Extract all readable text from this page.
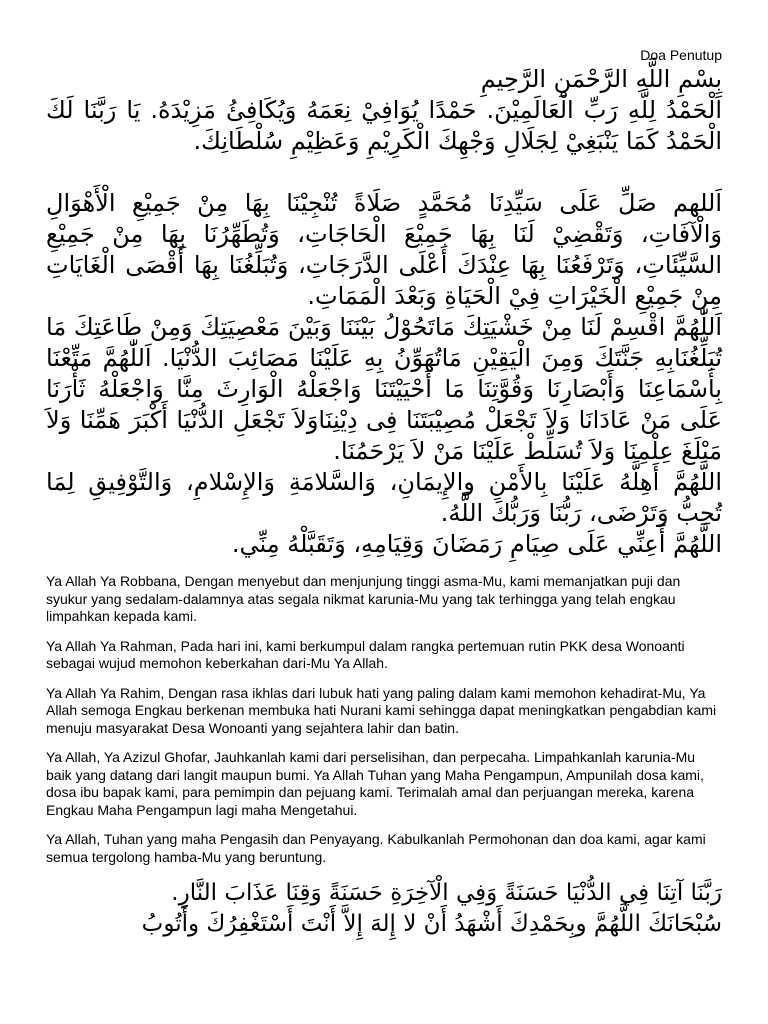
Doa Penutup

بِسْمِ اللَّهِ الرَّحْمَنِ الرَّحِيمِ

اَلْحَمْدُ لِلَّهِ رَبِّ الْعَالَمِيْنَ. حَمْدًا يُوَافِيْ نِعَمَهُ وَيُكَافِئُ مَزِيْدَهُ. يَا رَبَّنَا لَكَ الْحَمْدُ كَمَا يَنْبَغِيْ لِجَلَالِ وَجْهِكَ الْكَرِيْمِ وَعَظِيْمِ سُلْطَانِكَ.

اَللهم صَلِّ عَلَى سَيِّدِنَا مُحَمَّدٍ صَلَاةً تُنْجِيْنَا بِهَا مِنْ جَمِيْعِ الْأَهْوَالِ وَالْآفَاتِ، وَتَقْضِيْ لَنَا بِهَا جَمِيْعَ الْحَاجَاتِ، وَتُطَهِّرُنَا بِهَا مِنْ جَمِيْعِ السَّيِّئَاتِ، وَتَرْفَعُنَا بِهَا عِنْدَكَ أَعْلَى الدَّرَجَاتِ، وَتُبَلِّغُنَا بِهَا أَقْصَى الْغَايَاتِ مِنْ جَمِيْعِ الْخَيْرَاتِ فِيْ الْحَيَاةِ وَبَعْدَ الْمَمَاتِ.

اَللّٰهُمَّ اقْسِمْ لَنَا مِنْ خَشْيَتِكَ مَاتَحُوْلُ بَيْنَنَا وَبَيْنَ مَعْصِيَتِكَ وَمِنْ طَاعَتِكَ مَا تُبَلِّغُنَابِهِ جَنَّتَكَ وَمِنَ الْيَقِيْنِ مَاتُهَوِّنُ بِهِ عَلَيْنَا مَصَائِبَ الدُّنْيَا. اَللّٰهُمَّ مَتِّعْنَا بِأَسْمَاعِنَا وَأَبْصَارِنَا وَقُوَّتِنَا مَا أَحْيَيْتَنَا وَاجْعَلْهُ الْوَارِثَ مِنَّا وَاجْعَلْهُ ثَأْرَنَا عَلَى مَنْ عَادَانَا وَلاَ تَجْعَلْ مُصِيْبَتَنَا فِى دِيْنِنَاوَلاَ تَجْعَلِ الدُّنْيَا أَكْبَرَ هَمِّنَا وَلاَ مَبْلَغَ عِلْمِنَا وَلاَ تُسَلِّطْ عَلَيْنَا مَنْ لاَ يَرْحَمُنَا.

اللَّهُمَّ أَهِلَّهُ عَلَيْنَا بِالأَمْنِ والإِيمَانِ، وَالسَّلامَةِ وَالإِسْلامِ، وَالتَّوْفِيقِ لِمَا تُحِبُّ وَتَرْضَى، رَبُّنَا وَرَبُّكَ اللَّهُ.

اللَّهُمَّ أَعِنِّي عَلَى صِيَامِ رَمَضَانَ وَقِيَامِهِ، وَتَقَبَّلْهُ مِنِّي.

Ya Allah Ya Robbana, Dengan menyebut dan menjunjung tinggi asma-Mu, kami memanjatkan puji dan syukur yang sedalam-dalamnya atas segala nikmat karunia-Mu yang tak terhingga yang telah engkau limpahkan kepada kami.

Ya Allah Ya Rahman, Pada hari ini, kami berkumpul dalam rangka pertemuan rutin PKK desa Wonoanti sebagai wujud memohon keberkahan dari-Mu Ya Allah.

Ya Allah Ya Rahim, Dengan rasa ikhlas dari lubuk hati yang paling dalam kami memohon kehadirat-Mu, Ya Allah semoga Engkau berkenan membuka hati Nurani kami sehingga dapat meningkatkan pengabdian kami menuju masyarakat Desa Wonoanti yang sejahtera lahir dan batin.

Ya Allah, Ya Azizul Ghofar, Jauhkanlah kami dari perselisihan, dan perpecaha. Limpahkanlah karunia-Mu baik yang datang dari langit maupun bumi. Ya Allah Tuhan yang Maha Pengampun, Ampunilah dosa kami, dosa ibu bapak kami, para pemimpin dan pejuang kami. Terimalah amal dan perjuangan mereka, karena Engkau Maha Pengampun lagi maha Mengetahui.

Ya Allah, Tuhan yang maha Pengasih dan Penyayang. Kabulkanlah Permohonan dan doa kami, agar kami semua tergolong hamba-Mu yang beruntung.

رَبَّنَا آتِنَا فِي الدُّنْيَا حَسَنَةً وَفِي الْآخِرَةِ حَسَنَةً وَقِنَا عَذَابَ النَّارِ.

سُبْحَانَكَ اللَّهُمَّ وبِحَمْدِكَ أَشْهَدُ أَنْ لا إِلهَ إِلاَّ أَنْتَ أَسْتَغْفِرُكَ وأَتُوبُ
